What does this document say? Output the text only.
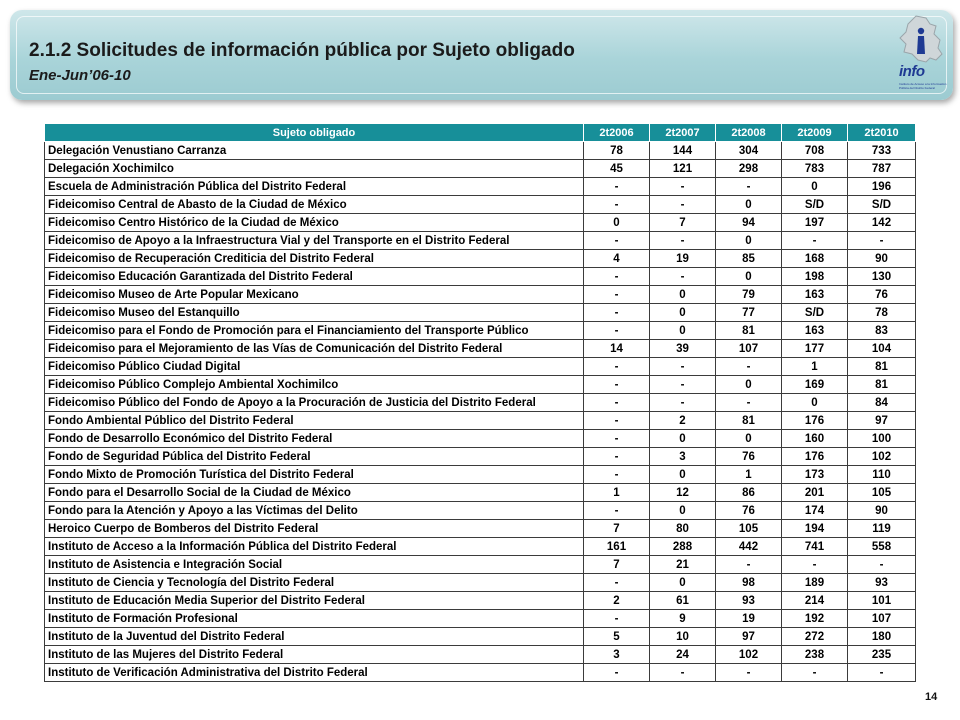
2.1.2 Solicitudes de información pública por Sujeto obligado
Ene-Jun’06-10	info
Instituto de Acceso a la Información Pública del Distrito Federal
Sujeto obligado	2t2006	2t2007	2t2008	2t2009	2t2010
Delegación Venustiano Carranza	78	144	304	708	733
Delegación Xochimilco	45	121	298	783	787
Escuela de Administración Pública del Distrito Federal	-	-	-	0	196
Fideicomiso Central de Abasto de la Ciudad de México	-	-	0	S/D	S/D
Fideicomiso Centro Histórico de la Ciudad de México	0	7	94	197	142
Fideicomiso de Apoyo a la Infraestructura Vial y del Transporte en el Distrito Federal	-	-	0	-	-
Fideicomiso de Recuperación Crediticia del Distrito Federal	4	19	85	168	90
Fideicomiso Educación Garantizada del Distrito Federal	-	-	0	198	130
Fideicomiso Museo de Arte Popular Mexicano	-	0	79	163	76
Fideicomiso Museo del Estanquillo	-	0	77	S/D	78
Fideicomiso para el Fondo de Promoción para el Financiamiento del Transporte Público	-	0	81	163	83
Fideicomiso para el Mejoramiento de las Vías de Comunicación del Distrito Federal	14	39	107	177	104
Fideicomiso Público Ciudad Digital	-	-	-	1	81
Fideicomiso Público Complejo Ambiental Xochimilco	-	-	0	169	81
Fideicomiso Público del Fondo de Apoyo a la Procuración de Justicia del Distrito Federal	-	-	-	0	84
Fondo Ambiental Público del Distrito Federal	-	2	81	176	97
Fondo de Desarrollo Económico del Distrito Federal	-	0	0	160	100
Fondo de Seguridad Pública del Distrito Federal	-	3	76	176	102
Fondo Mixto de Promoción Turística del Distrito Federal	-	0	1	173	110
Fondo para el Desarrollo Social de la Ciudad de México	1	12	86	201	105
Fondo para la Atención y Apoyo a las Víctimas del Delito	-	0	76	174	90
Heroico Cuerpo de Bomberos del Distrito Federal	7	80	105	194	119
Instituto de Acceso a la Información Pública del Distrito Federal	161	288	442	741	558
Instituto de Asistencia e Integración Social	7	21	-	-	-
Instituto de Ciencia y Tecnología del Distrito Federal	-	0	98	189	93
Instituto de Educación Media Superior del Distrito Federal	2	61	93	214	101
Instituto de Formación Profesional	-	9	19	192	107
Instituto de la Juventud del Distrito Federal	5	10	97	272	180
Instituto de las Mujeres del Distrito Federal	3	24	102	238	235
Instituto de Verificación Administrativa del Distrito Federal	-	-	-	-	-
14
